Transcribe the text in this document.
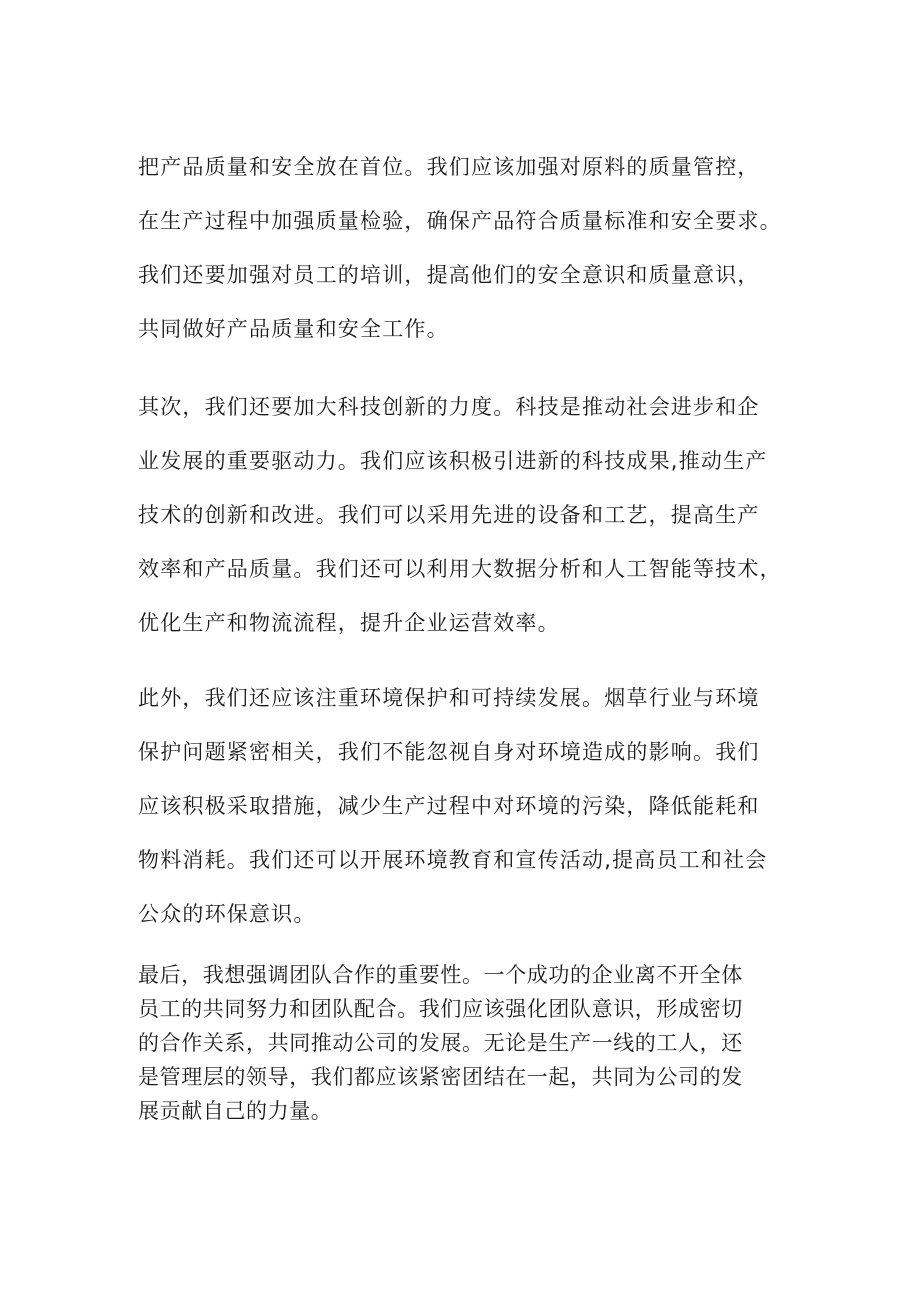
把产品质量和安全放在首位。我们应该加强对原料的质量管控，
在生产过程中加强质量检验，确保产品符合质量标准和安全要求。
我们还要加强对员工的培训，提高他们的安全意识和质量意识，
共同做好产品质量和安全工作。
其次，我们还要加大科技创新的力度。科技是推动社会进步和企
业发展的重要驱动力。我们应该积极引进新的科技成果,推动生产
技术的创新和改进。我们可以采用先进的设备和工艺，提高生产
效率和产品质量。我们还可以利用大数据分析和人工智能等技术，
优化生产和物流流程，提升企业运营效率。
此外，我们还应该注重环境保护和可持续发展。烟草行业与环境
保护问题紧密相关，我们不能忽视自身对环境造成的影响。我们
应该积极采取措施，减少生产过程中对环境的污染，降低能耗和
物料消耗。我们还可以开展环境教育和宣传活动,提高员工和社会
公众的环保意识。
最后，我想强调团队合作的重要性。一个成功的企业离不开全体
员工的共同努力和团队配合。我们应该强化团队意识，形成密切
的合作关系，共同推动公司的发展。无论是生产一线的工人，还
是管理层的领导，我们都应该紧密团结在一起，共同为公司的发
展贡献自己的力量。
